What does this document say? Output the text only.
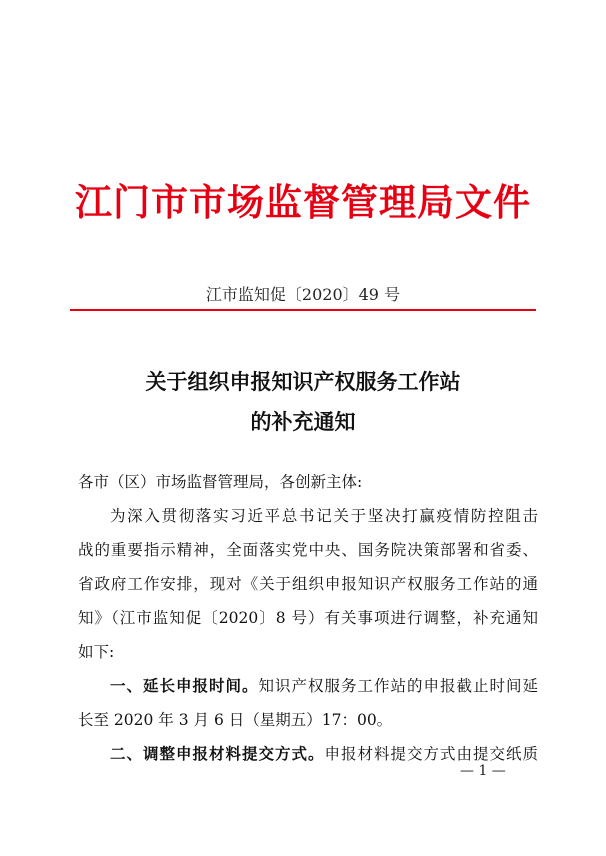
江门市市场监督管理局文件
江市监知促〔2020〕49 号
关于组织申报知识产权服务工作站
的补充通知
各市（区）市场监督管理局，各创新主体:
为深入贯彻落实习近平总书记关于坚决打赢疫情防控阻击
战的重要指示精神，全面落实党中央、国务院决策部署和省委、
省政府工作安排，现对《关于组织申报知识产权服务工作站的通
知》（江市监知促〔2020〕8 号）有关事项进行调整，补充通知
如下:
一、延长申报时间。知识产权服务工作站的申报截止时间延
长至 2020 年 3 月 6 日（星期五）17：00。
二、调整申报材料提交方式。申报材料提交方式由提交纸质
— 1 —
